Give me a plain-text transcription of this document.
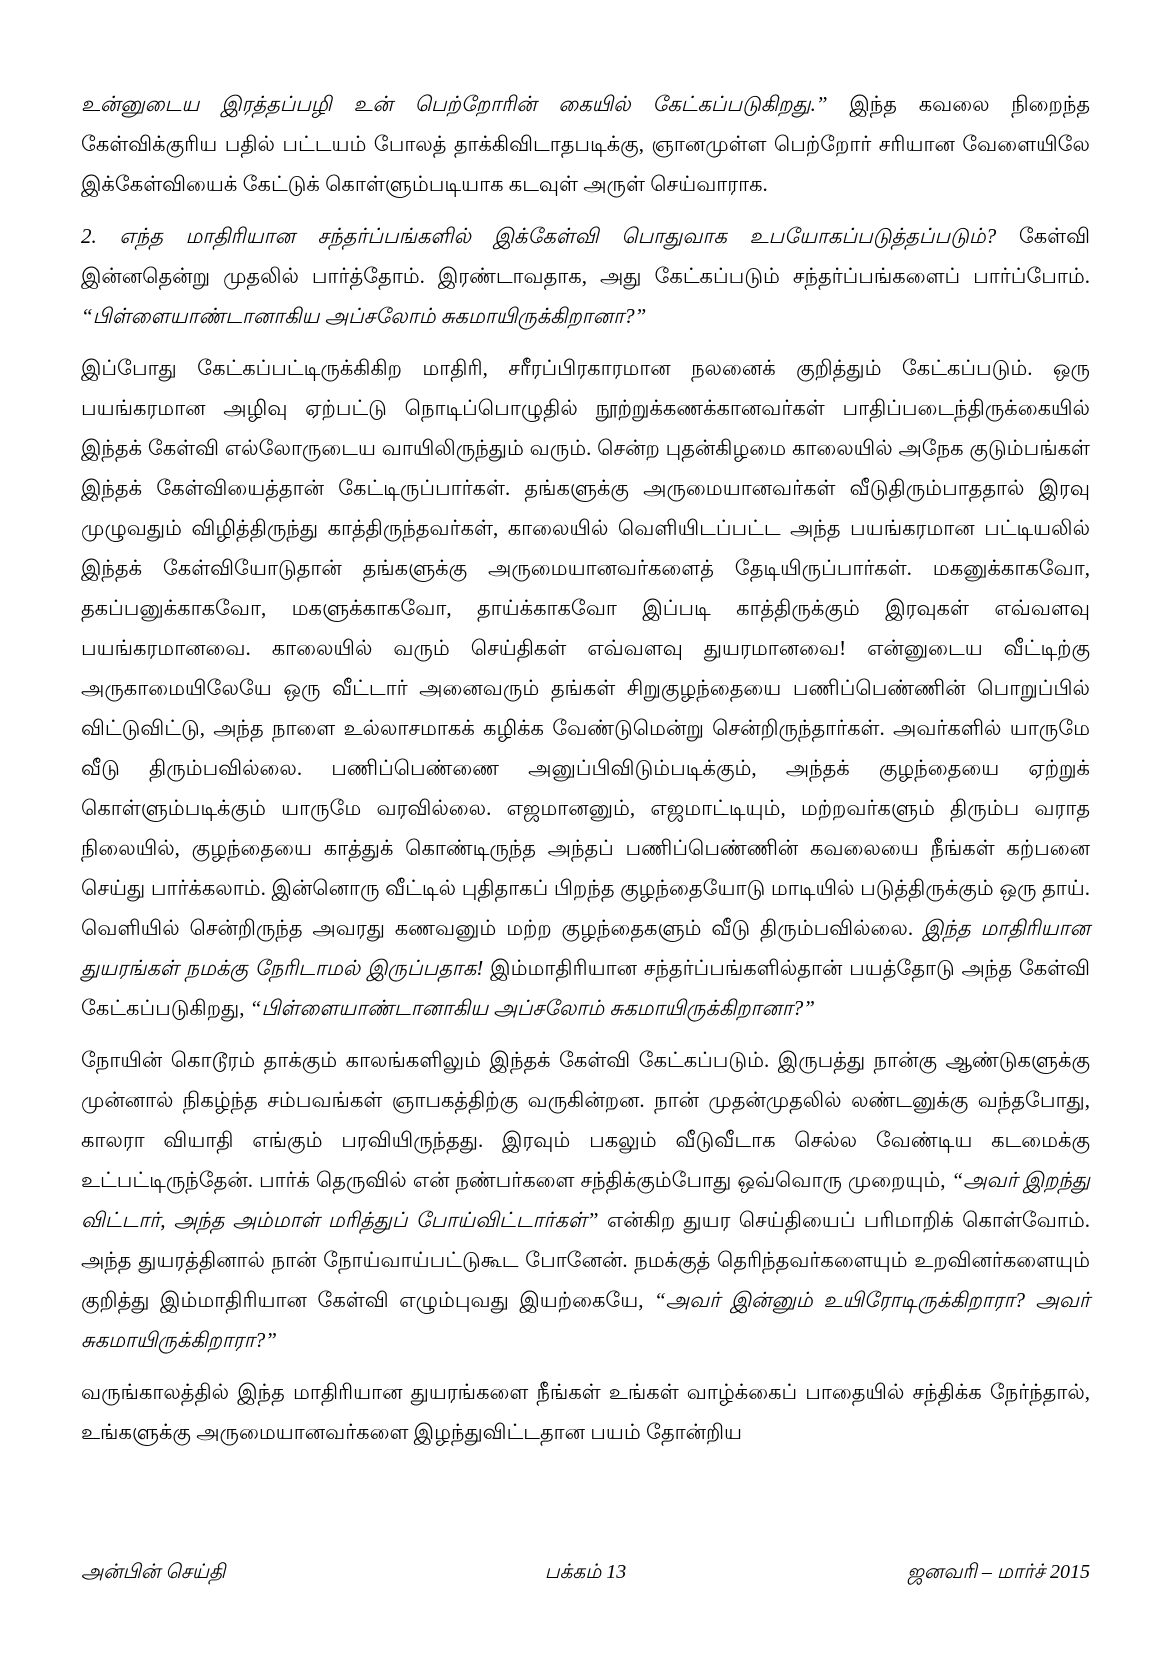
உன்னுடைய இரத்தப்பழி உன் பெற்றோரின் கையில் கேட்கப்படுகிறது.” இந்த கவலை நிறைந்த கேள்விக்குரிய பதில் பட்டயம் போலத் தாக்கிவிடாதபடிக்கு, ஞானமுள்ள பெற்றோர் சரியான வேளையிலே இக்கேள்வியைக் கேட்டுக் கொள்ளும்படியாக கடவுள் அருள் செய்வாராக.

2. எந்த மாதிரியான சந்தர்ப்பங்களில் இக்கேள்வி பொதுவாக உபயோகப்படுத்தப்படும்? கேள்வி இன்னதென்று முதலில் பார்த்தோம். இரண்டாவதாக, அது கேட்கப்படும் சந்தர்ப்பங்களைப் பார்ப்போம். “பிள்ளையாண்டானாகிய அப்சலோம் சுகமாயிருக்கிறானா?”

இப்போது கேட்கப்பட்டிருக்கிகிற மாதிரி, சரீரப்பிரகாரமான நலனைக் குறித்தும் கேட்கப்படும். ஒரு பயங்கரமான அழிவு ஏற்பட்டு நொடிப்பொழுதில் நூற்றுக்கணக்கானவர்கள் பாதிப்படைந்திருக்கையில் இந்தக் கேள்வி எல்லோருடைய வாயிலிருந்தும் வரும். சென்ற புதன்கிழமை காலையில் அநேக குடும்பங்கள் இந்தக் கேள்வியைத்தான் கேட்டிருப்பார்கள். தங்களுக்கு அருமையானவர்கள் வீடுதிரும்பாததால் இரவு முழுவதும் விழித்திருந்து காத்திருந்தவர்கள், காலையில் வெளியிடப்பட்ட அந்த பயங்கரமான பட்டியலில் இந்தக் கேள்வியோடுதான் தங்களுக்கு அருமையானவர்களைத் தேடியிருப்பார்கள். மகனுக்காகவோ, தகப்பனுக்காகவோ, மகளுக்காகவோ, தாய்க்காகவோ இப்படி காத்திருக்கும் இரவுகள் எவ்வளவு பயங்கரமானவை. காலையில் வரும் செய்திகள் எவ்வளவு துயரமானவை! என்னுடைய வீட்டிற்கு அருகாமையிலேயே ஒரு வீட்டார் அனைவரும் தங்கள் சிறுகுழந்தையை பணிப்பெண்ணின் பொறுப்பில் விட்டுவிட்டு, அந்த நாளை உல்லாசமாகக் கழிக்க வேண்டுமென்று சென்றிருந்தார்கள். அவர்களில் யாருமே வீடு திரும்பவில்லை. பணிப்பெண்ணை அனுப்பிவிடும்படிக்கும், அந்தக் குழந்தையை ஏற்றுக் கொள்ளும்படிக்கும் யாருமே வரவில்லை. எஜமானனும், எஜமாட்டியும், மற்றவர்களும் திரும்ப வராத நிலையில், குழந்தையை காத்துக் கொண்டிருந்த அந்தப் பணிப்பெண்ணின் கவலையை நீங்கள் கற்பனை செய்து பார்க்கலாம். இன்னொரு வீட்டில் புதிதாகப் பிறந்த குழந்தையோடு மாடியில் படுத்திருக்கும் ஒரு தாய். வெளியில் சென்றிருந்த அவரது கணவனும் மற்ற குழந்தைகளும் வீடு திரும்பவில்லை. இந்த மாதிரியான துயரங்கள் நமக்கு நேரிடாமல் இருப்பதாக! இம்மாதிரியான சந்தர்ப்பங்களில்தான் பயத்தோடு அந்த கேள்வி கேட்கப்படுகிறது, “பிள்ளையாண்டானாகிய அப்சலோம் சுகமாயிருக்கிறானா?”

நோயின் கொடூரம் தாக்கும் காலங்களிலும் இந்தக் கேள்வி கேட்கப்படும். இருபத்து நான்கு ஆண்டுகளுக்கு முன்னால் நிகழ்ந்த சம்பவங்கள் ஞாபகத்திற்கு வருகின்றன. நான் முதன்முதலில் லண்டனுக்கு வந்தபோது, காலரா வியாதி எங்கும் பரவியிருந்தது. இரவும் பகலும் வீடுவீடாக செல்ல வேண்டிய கடமைக்கு உட்பட்டிருந்தேன். பார்க் தெருவில் என் நண்பர்களை சந்திக்கும்போது ஒவ்வொரு முறையும், “அவர் இறந்து விட்டார், அந்த அம்மாள் மரித்துப் போய்விட்டார்கள்” என்கிற துயர செய்தியைப் பரிமாறிக் கொள்வோம். அந்த துயரத்தினால் நான் நோய்வாய்பட்டுகூட போனேன். நமக்குத் தெரிந்தவர்களையும் உறவினர்களையும் குறித்து இம்மாதிரியான கேள்வி எழும்புவது இயற்கையே, “அவர் இன்னும் உயிரோடிருக்கிறாரா? அவர் சுகமாயிருக்கிறாரா?”

வருங்காலத்தில் இந்த மாதிரியான துயரங்களை நீங்கள் உங்கள் வாழ்க்கைப் பாதையில் சந்திக்க நேர்ந்தால், உங்களுக்கு அருமையானவர்களை இழந்துவிட்டதான பயம் தோன்றிய

அன்பின் செய்தி	பக்கம் 13	ஜனவரி – மார்ச் 2015
